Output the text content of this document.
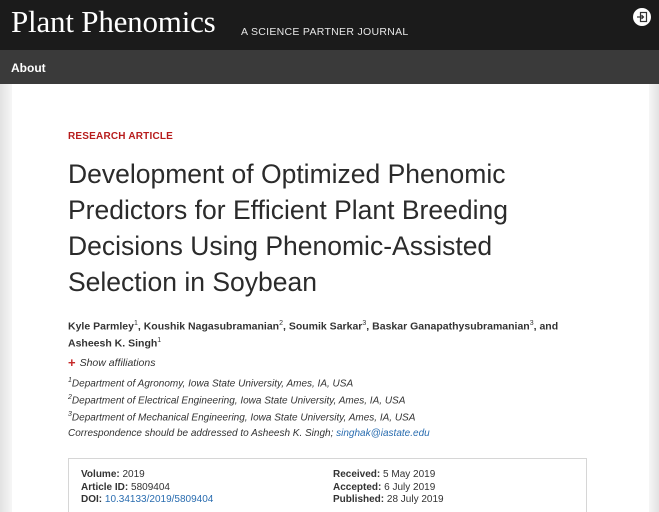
Plant Phenomics A SCIENCE PARTNER JOURNAL
About
RESEARCH ARTICLE
Development of Optimized Phenomic Predictors for Efficient Plant Breeding Decisions Using Phenomic-Assisted Selection in Soybean
Kyle Parmley$^1$, Koushik Nagasubramanian$^2$, Soumik Sarkar$^3$, Baskar Ganapathysubramanian$^3$, and Asheesh K. Singh$^1$
+ Show affiliations
$^1$Department of Agronomy, Iowa State University, Ames, IA, USA
$^2$Department of Electrical Engineering, Iowa State University, Ames, IA, USA
$^3$Department of Mechanical Engineering, Iowa State University, Ames, IA, USA
Correspondence should be addressed to Asheesh K. Singh; singhak@iastate.edu
Volume: 2019
Article ID: 5809404
DOI: 10.34133/2019/5809404
Received: 5 May 2019
Accepted: 6 July 2019
Published: 28 July 2019
